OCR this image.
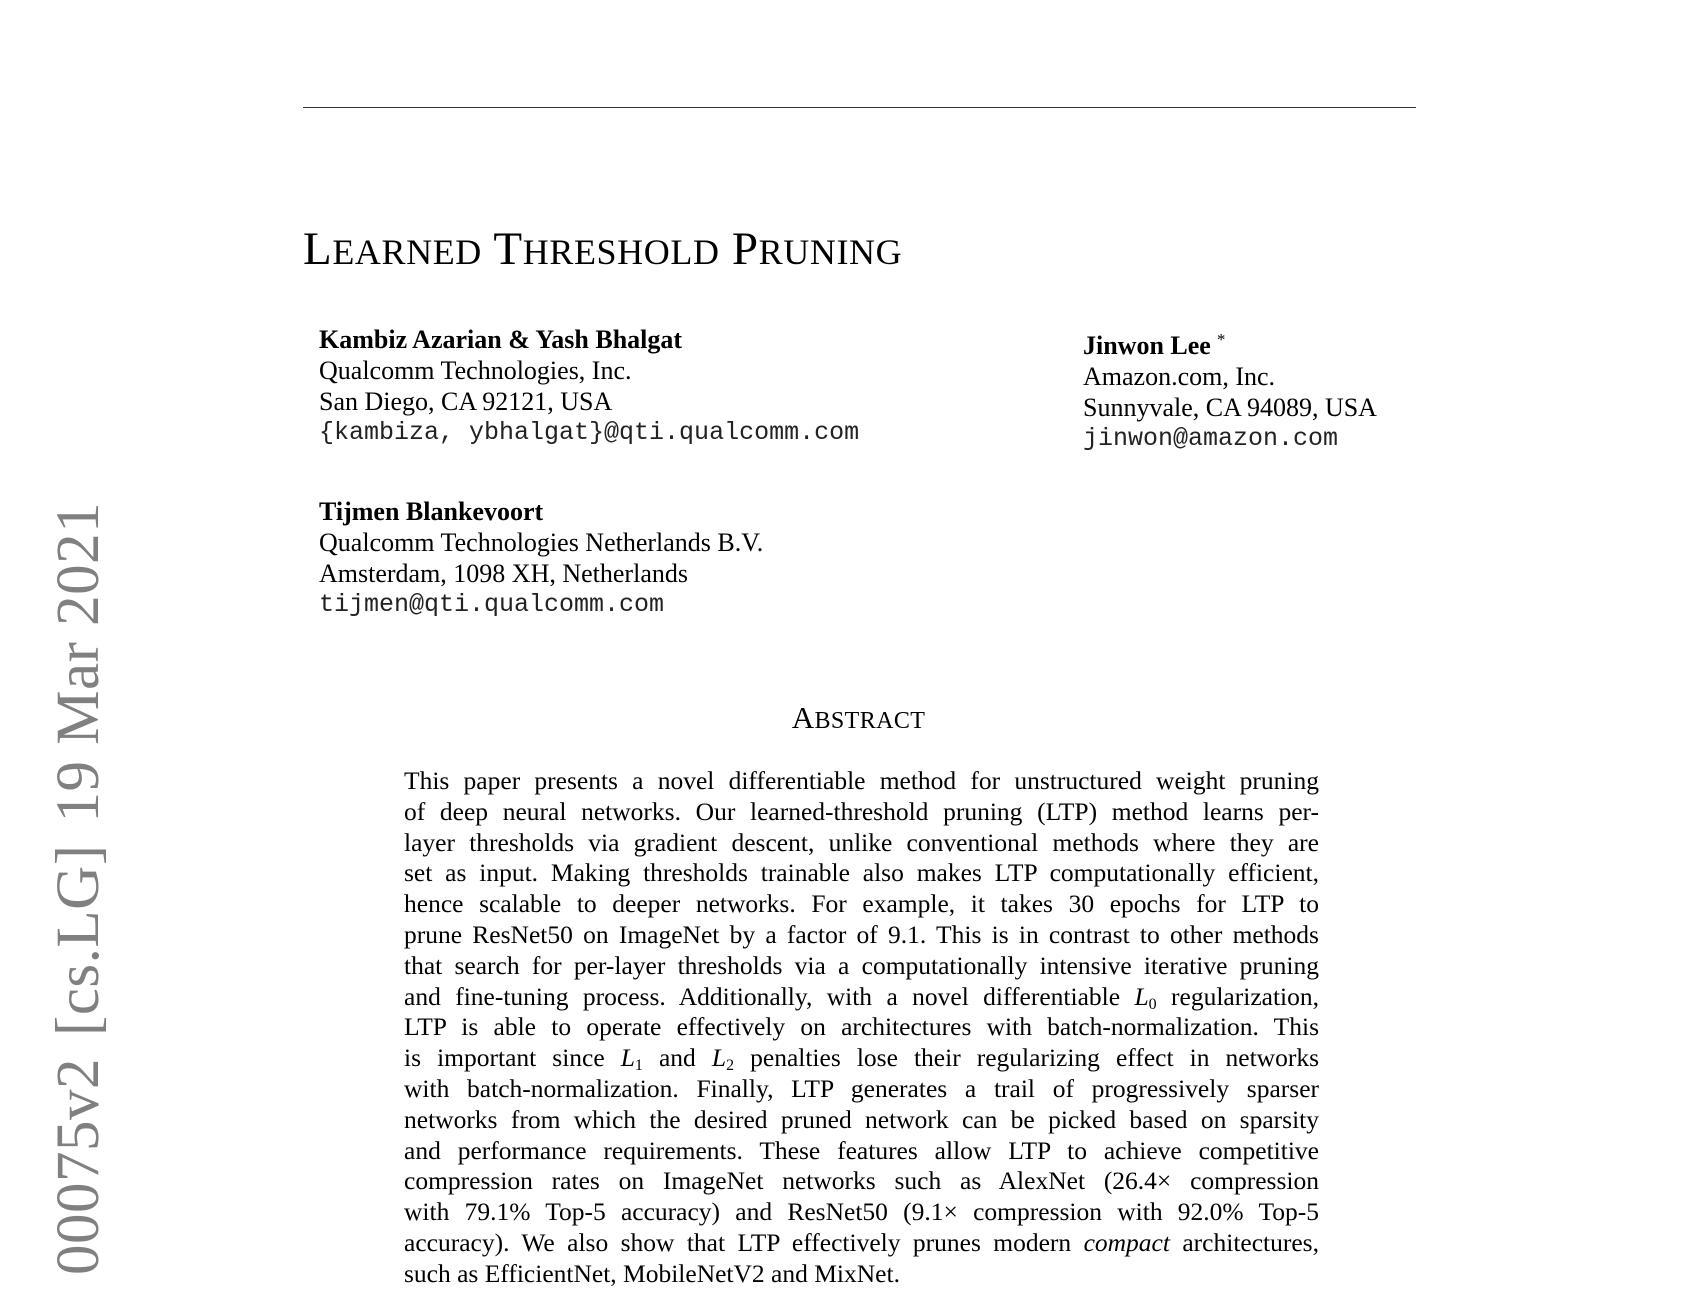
00075v2[cs.LG]19 Mar 2021
LEARNED THRESHOLD PRUNING
Kambiz Azarian & Yash Bhalgat
Qualcomm Technologies, Inc.
San Diego, CA 92121, USA
{kambiza, ybhalgat}@qti.qualcomm.com
Jinwon Lee *
Amazon.com, Inc.
Sunnyvale, CA 94089, USA
jinwon@amazon.com
Tijmen Blankevoort
Qualcomm Technologies Netherlands B.V.
Amsterdam, 1098 XH, Netherlands
tijmen@qti.qualcomm.com
ABSTRACT
This paper presents a novel differentiable method for unstructured weight pruning
of deep neural networks. Our learned-threshold pruning (LTP) method learns per-
layer thresholds via gradient descent, unlike conventional methods where they are
set as input. Making thresholds trainable also makes LTP computationally efficient,
hence scalable to deeper networks. For example, it takes 30 epochs for LTP to
prune ResNet50 on ImageNet by a factor of 9.1. This is in contrast to other methods
that search for per-layer thresholds via a computationally intensive iterative pruning
and fine-tuning process. Additionally, with a novel differentiable $L_0$ regularization,
LTP is able to operate effectively on architectures with batch-normalization. This
is important since $L_1$ and $L_2$ penalties lose their regularizing effect in networks
with batch-normalization. Finally, LTP generates a trail of progressively sparser
networks from which the desired pruned network can be picked based on sparsity
and performance requirements. These features allow LTP to achieve competitive
compression rates on ImageNet networks such as AlexNet (26.4× compression
with 79.1% Top-5 accuracy) and ResNet50 (9.1× compression with 92.0% Top-5
accuracy). We also show that LTP effectively prunes modern compact architectures,
such as EfficientNet, MobileNetV2 and MixNet.
